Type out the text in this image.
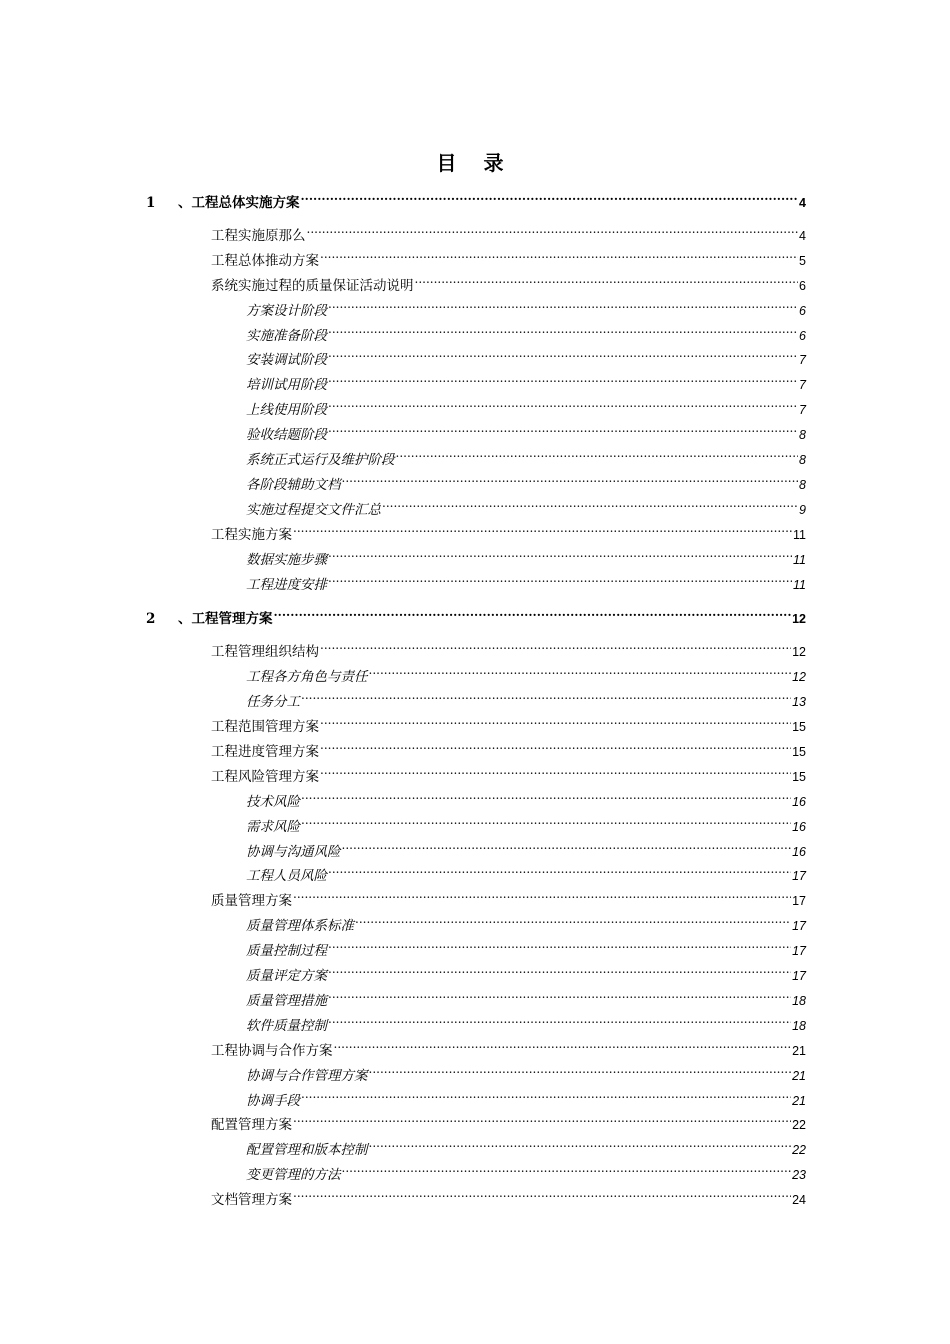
目 录
1	、工程总体实施方案 .....	4
工程实施原那么 .....	4
工程总体推动方案 .....	5
系统实施过程的质量保证活动说明 .....	6
方案设计阶段 .....	6
实施准备阶段 .....	6
安装调试阶段 .....	7
培训试用阶段 .....	7
上线使用阶段 .....	7
验收结题阶段 .....	8
系统正式运行及维护阶段 .....	8
各阶段辅助文档 .....	8
实施过程提交文件汇总 .....	9
工程实施方案 .....	11
数据实施步骤 .....	11
工程进度安排 .....	11
2	、工程管理方案 .....	12
工程管理组织结构 .....	12
工程各方角色与责任 .....	12
任务分工 .....	13
工程范围管理方案 .....	15
工程进度管理方案 .....	15
工程风险管理方案 .....	15
技术风险 .....	16
需求风险 .....	16
协调与沟通风险 .....	16
工程人员风险 .....	17
质量管理方案 .....	17
质量管理体系标准 .....	17
质量控制过程 .....	17
质量评定方案 .....	17
质量管理措施 .....	18
软件质量控制 .....	18
工程协调与合作方案 .....	21
协调与合作管理方案 .....	21
协调手段 .....	21
配置管理方案 .....	22
配置管理和版本控制 .....	22
变更管理的方法 .....	23
文档管理方案 .....	24
